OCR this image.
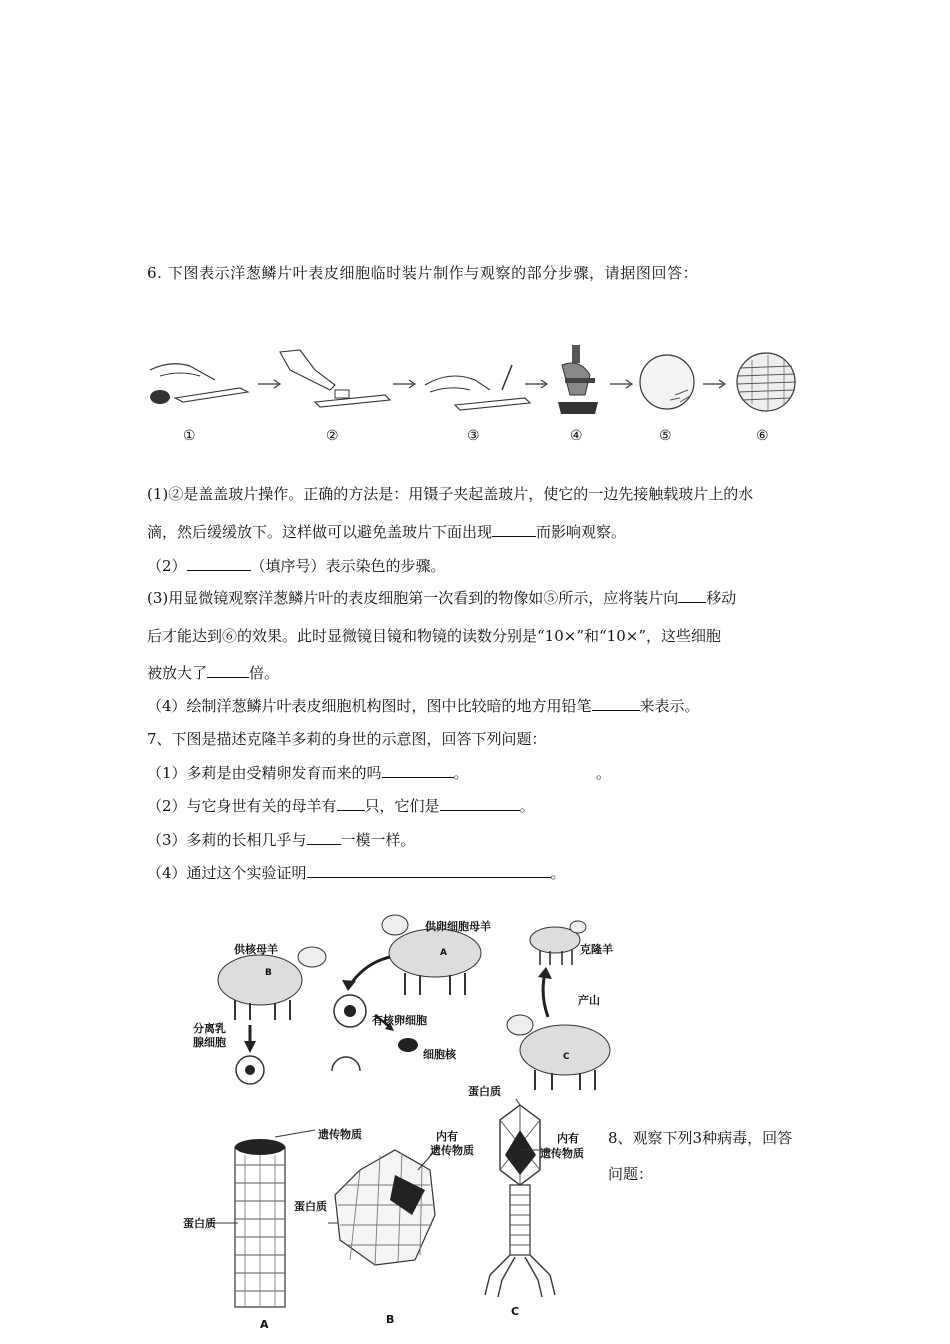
6. 下图表示洋葱鳞片叶表皮细胞临时装片制作与观察的部分步骤，请据图回答：
①	②	③	④	⑤	⑥
(1)②是盖盖玻片操作。正确的方法是：用镊子夹起盖玻片，使它的一边先接触载玻片上的水
滴，然后缓缓放下。这样做可以避免盖玻片下面出现	而影响观察。
（2）	（填序号）表示染色的步骤。
(3)用显微镜观察洋葱鳞片叶的表皮细胞第一次看到的物像如⑤所示，应将装片向 移动
后才能达到⑥的效果。此时显微镜目镜和物镜的读数分别是“10×”和“10×”，这些细胞
被放大了	倍。
（4）绘制洋葱鳞片叶表皮细胞机构图时，图中比较暗的地方用铅笔	来表示。
7、下图是描述克隆羊多莉的身世的示意图，回答下列问题：
（1）多莉是由受精卵发育而来的吗	。	。
（2）与它身世有关的母羊有 只，它们是	。
（3）多莉的长相几乎与 一模一样。
（4）通过这个实验证明	。
供核母羊
供卵细胞母羊
克隆羊
分离乳
腺细胞
有核卵细胞
细胞核
产山
A
B
C
8、观察下列3种病毒，回答
问题：
遗传物质
蛋白质
内有
遗传物质
蛋白质
蛋白质
内有
遗传物质
A	B
C
